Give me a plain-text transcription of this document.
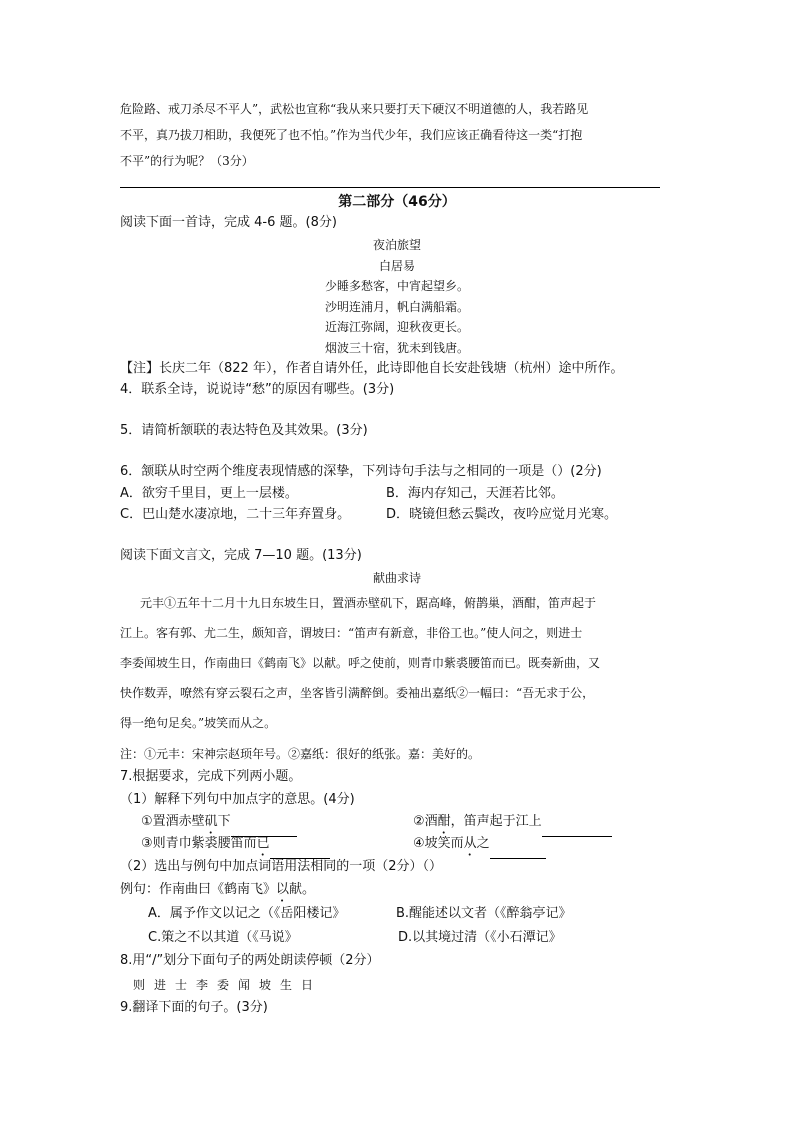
危险路、戒刀杀尽不平人”，武松也宣称“我从来只要打天下硬汉不明道德的人，我若路见
不平，真乃拔刀相助，我便死了也不怕。”作为当代少年，我们应该正确看待这一类“打抱
不平”的行为呢？（3分）
第二部分（46分）
阅读下面一首诗，完成 4-6 题。(8分)
夜泊旅望
白居易
少睡多愁客，中宵起望乡。
沙明连浦月，帆白满船霜。
近海江弥阔，迎秋夜更长。
烟波三十宿，犹未到钱唐。
【注】长庆二年（822 年），作者自请外任，此诗即他自长安赴钱塘（杭州）途中所作。
4．联系全诗，说说诗“愁”的原因有哪些。(3分)
5．请简析颔联的表达特色及其效果。(3分)
6．颔联从时空两个维度表现情感的深挚，下列诗句手法与之相同的一项是（）(2分)
A．欲穷千里目，更上一层楼。	B．海内存知己，天涯若比邻。
C．巴山楚水凄凉地，二十三年弃置身。	D．晓镜但愁云鬓改，夜吟应觉月光寒。
阅读下面文言文，完成 7—10 题。(13分)
献曲求诗
元丰①五年十二月十九日东坡生日，置酒赤壁矶下，踞高峰，俯鹊巢，酒酣，笛声起于
江上。客有郭、尤二生，颇知音，谓坡曰：“笛声有新意，非俗工也。”使人问之，则进士
李委闻坡生日，作南曲曰《鹤南飞》以献。呼之使前，则青巾紫裘腰笛而已。既奏新曲，又
快作数弄，嘹然有穿云裂石之声，坐客皆引满醉倒。委袖出嘉纸②一幅曰：“吾无求于公，
得一绝句足矣。”坡笑而从之。
注：①元丰：宋神宗赵顼年号。②嘉纸：很好的纸张。嘉：美好的。
7.根据要求，完成下列两小题。
（1）解释下列句中加点字的意思。(4分)
①置酒赤壁矶下	②酒酣，笛声起于江上
③则青巾紫裘腰笛而已	④坡笑而从之
（2）选出与例句中加点词语用法相同的一项（2分）（）
例句：作南曲曰《鹤南飞》以献。
A．属予作文以记之（《岳阳楼记》	B.醒能述以文者（《醉翁亭记》
C.策之不以其道（《马说》	D.以其境过清（《小石潭记》
8.用“/”划分下面句子的两处朗读停顿（2分）
则进士李委闻坡生日
9.翻译下面的句子。(3分)
